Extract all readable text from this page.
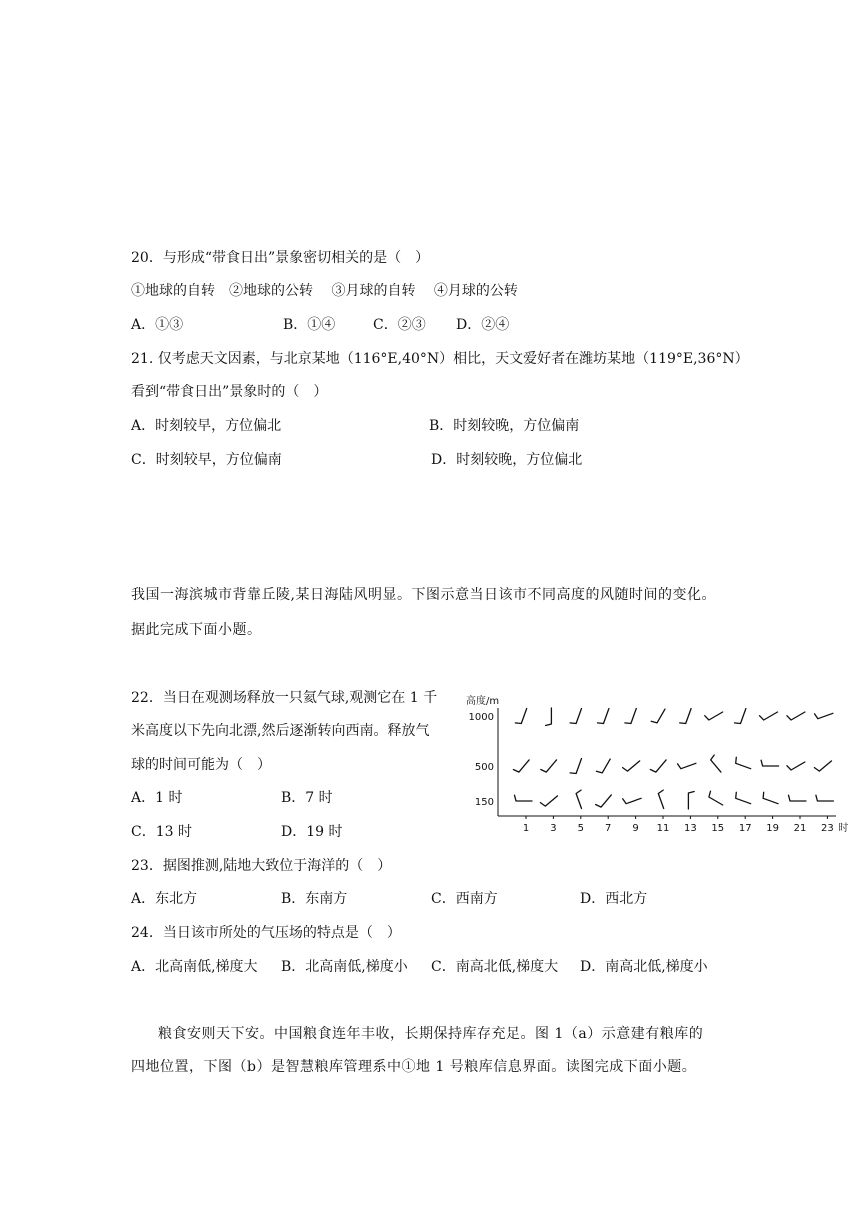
20．与形成“带食日出”景象密切相关的是（　）
①地球的自转　②地球的公转　 ③月球的自转　 ④月球的公转
A．①③	B．①④	C．②③ D．②④
21. 仅考虑天文因素，与北京某地（116°E,40°N）相比，天文爱好者在潍坊某地（119°E,36°N）
看到“带食日出”景象时的（　）
A．时刻较早，方位偏北	B．时刻较晚，方位偏南
C．时刻较早，方位偏南	D．时刻较晚，方位偏北
我国一海滨城市背靠丘陵,某日海陆风明显。下图示意当日该市不同高度的风随时间的变化。
据此完成下面小题。
22．当日在观测场释放一只氦气球,观测它在 1 千
米高度以下先向北漂,然后逐渐转向西南。释放气
球的时间可能为（　）
A．1 时	B．7 时
C．13 时	D．19 时
高度/m
150
500
1000
1 3 5 7 9 11 13 15 17 19 21 23 时
23．据图推测,陆地大致位于海洋的（　）
A．东北方	B．东南方	C．西南方	D．西北方
24．当日该市所处的气压场的特点是（　）
A．北高南低,梯度大 B．北高南低,梯度小 C．南高北低,梯度大 D．南高北低,梯度小
粮食安则天下安。中国粮食连年丰收，长期保持库存充足。图 1（a）示意建有粮库的
四地位置，下图（b）是智慧粮库管理系中①地 1 号粮库信息界面。读图完成下面小题。
